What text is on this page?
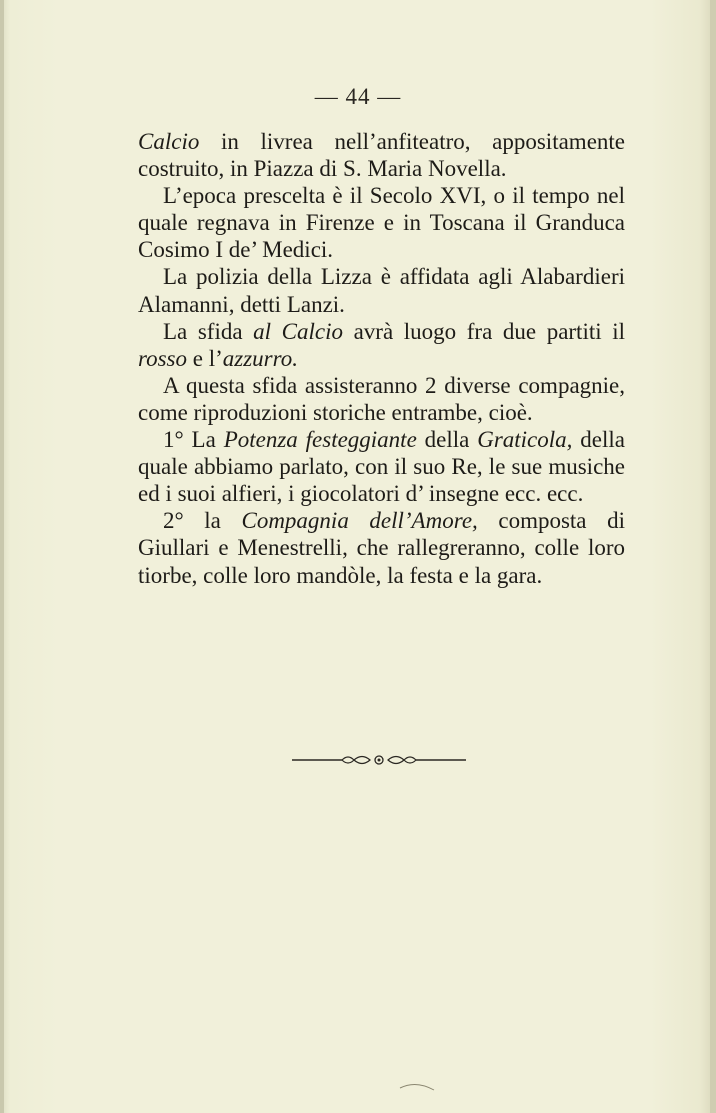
— 44 —

Calcio in livrea nell’anfiteatro, appositamente costruito, in Piazza di S. Maria Novella.

L’epoca prescelta è il Secolo XVI, o il tempo nel quale regnava in Firenze e in Toscana il Granduca Cosimo I de’ Medici.

La polizia della Lizza è affidata agli Alabardieri Alamanni, detti Lanzi.

La sfida al Calcio avrà luogo fra due partiti il rosso e l’azzurro.

A questa sfida assisteranno 2 diverse compagnie, come riproduzioni storiche entrambe, cioè.

1° La Potenza festeggiante della Graticola, della quale abbiamo parlato, con il suo Re, le sue musiche ed i suoi alfieri, i giocolatori d’ insegne ecc. ecc.

2° la Compagnia dell’Amore, composta di Giullari e Menestrelli, che rallegreranno, colle loro tiorbe, colle loro mandòle, la festa e la gara.
